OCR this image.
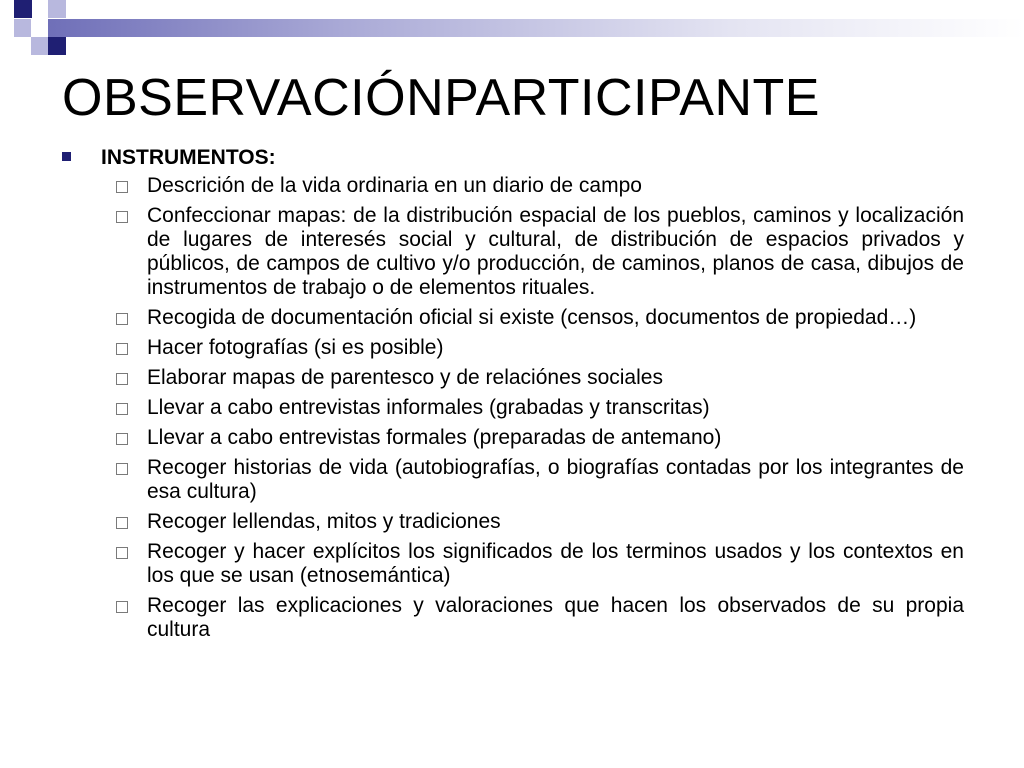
OBSERVACIÓNPARTICIPANTE
INSTRUMENTOS:
Descrición de la vida ordinaria en un diario de campo
Confeccionar mapas: de la distribución espacial de los pueblos, caminos y localización de lugares de interesés social y cultural, de distribución de espacios privados y públicos, de campos de cultivo y/o producción, de caminos, planos de casa, dibujos de instrumentos de trabajo o de elementos rituales.
Recogida de documentación oficial si existe (censos, documentos de propiedad…)
Hacer fotografías (si es posible)
Elaborar mapas de parentesco y de relaciónes sociales
Llevar a cabo entrevistas informales (grabadas y transcritas)
Llevar a cabo entrevistas formales (preparadas de antemano)
Recoger historias de vida (autobiografías, o biografías contadas por los integrantes de esa cultura)
Recoger lellendas, mitos y tradiciones
Recoger y hacer explícitos los significados de los terminos usados y los contextos en los que se usan (etnosemántica)
Recoger las explicaciones y valoraciones que hacen los observados de su propia cultura
